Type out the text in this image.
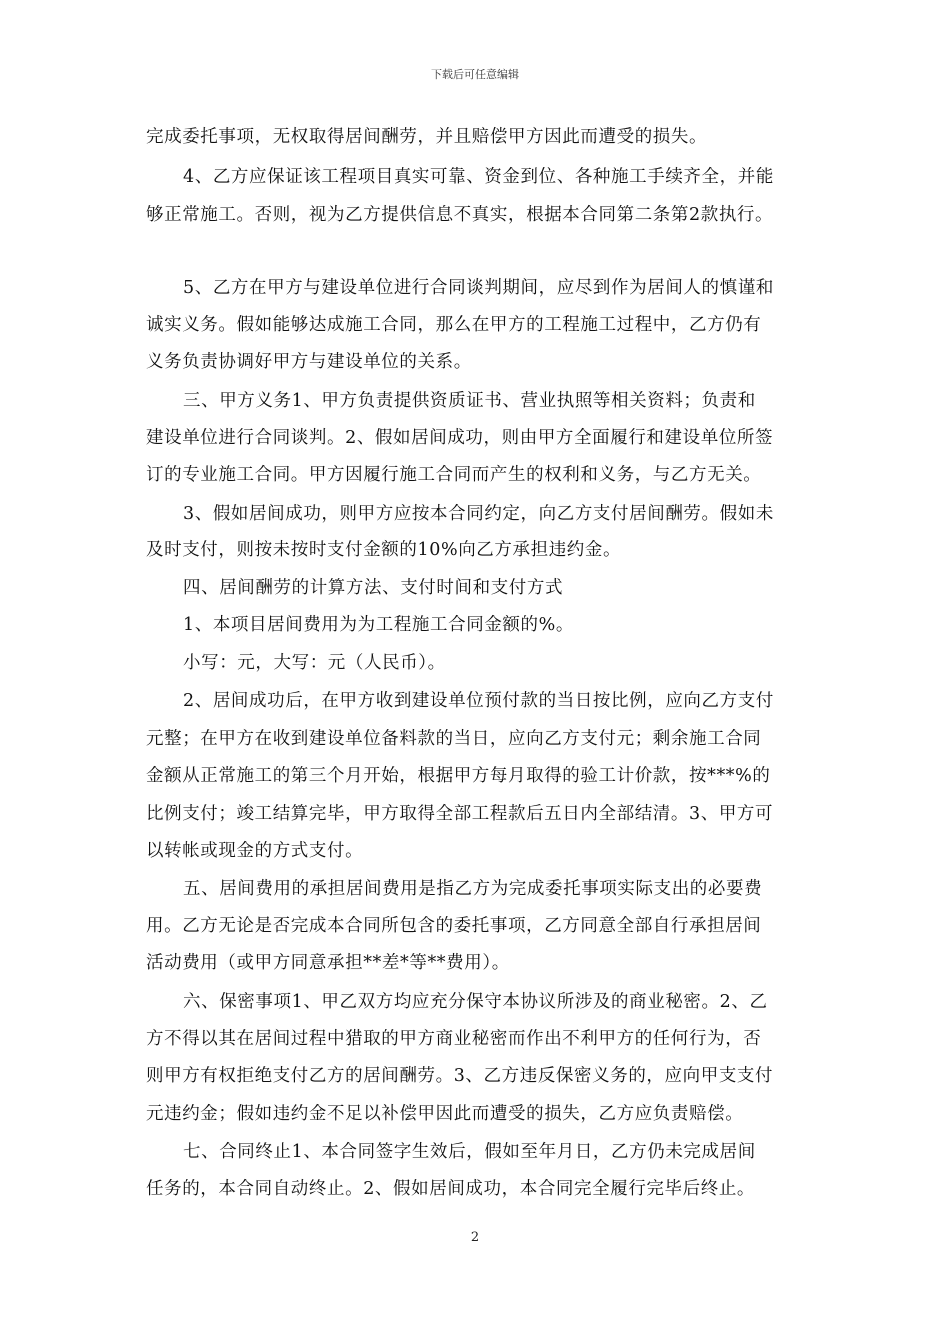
下载后可任意编辑
完成委托事项，无权取得居间酬劳，并且赔偿甲方因此而遭受的损失。
4、乙方应保证该工程项目真实可靠、资金到位、各种施工手续齐全，并能
够正常施工。否则，视为乙方提供信息不真实，根据本合同第二条第2款执行。
5、乙方在甲方与建设单位进行合同谈判期间，应尽到作为居间人的慎谨和
诚实义务。假如能够达成施工合同，那么在甲方的工程施工过程中，乙方仍有
义务负责协调好甲方与建设单位的关系。
三、甲方义务1、甲方负责提供资质证书、营业执照等相关资料；负责和
建设单位进行合同谈判。2、假如居间成功，则由甲方全面履行和建设单位所签
订的专业施工合同。甲方因履行施工合同而产生的权利和义务，与乙方无关。
3、假如居间成功，则甲方应按本合同约定，向乙方支付居间酬劳。假如未
及时支付，则按未按时支付金额的10%向乙方承担违约金。
四、居间酬劳的计算方法、支付时间和支付方式
1、本项目居间费用为为工程施工合同金额的%。
小写：元，大写：元（人民币）。
2、居间成功后，在甲方收到建设单位预付款的当日按比例，应向乙方支付
元整；在甲方在收到建设单位备料款的当日，应向乙方支付元；剩余施工合同
金额从正常施工的第三个月开始，根据甲方每月取得的验工计价款，按***%的
比例支付；竣工结算完毕，甲方取得全部工程款后五日内全部结清。3、甲方可
以转帐或现金的方式支付。
五、居间费用的承担居间费用是指乙方为完成委托事项实际支出的必要费
用。乙方无论是否完成本合同所包含的委托事项，乙方同意全部自行承担居间
活动费用（或甲方同意承担**差*等**费用）。
六、保密事项1、甲乙双方均应充分保守本协议所涉及的商业秘密。2、乙
方不得以其在居间过程中猎取的甲方商业秘密而作出不利甲方的任何行为，否
则甲方有权拒绝支付乙方的居间酬劳。3、乙方违反保密义务的，应向甲支支付
元违约金；假如违约金不足以补偿甲因此而遭受的损失，乙方应负责赔偿。
七、合同终止1、本合同签字生效后，假如至年月日，乙方仍未完成居间
任务的，本合同自动终止。2、假如居间成功，本合同完全履行完毕后终止。
2
